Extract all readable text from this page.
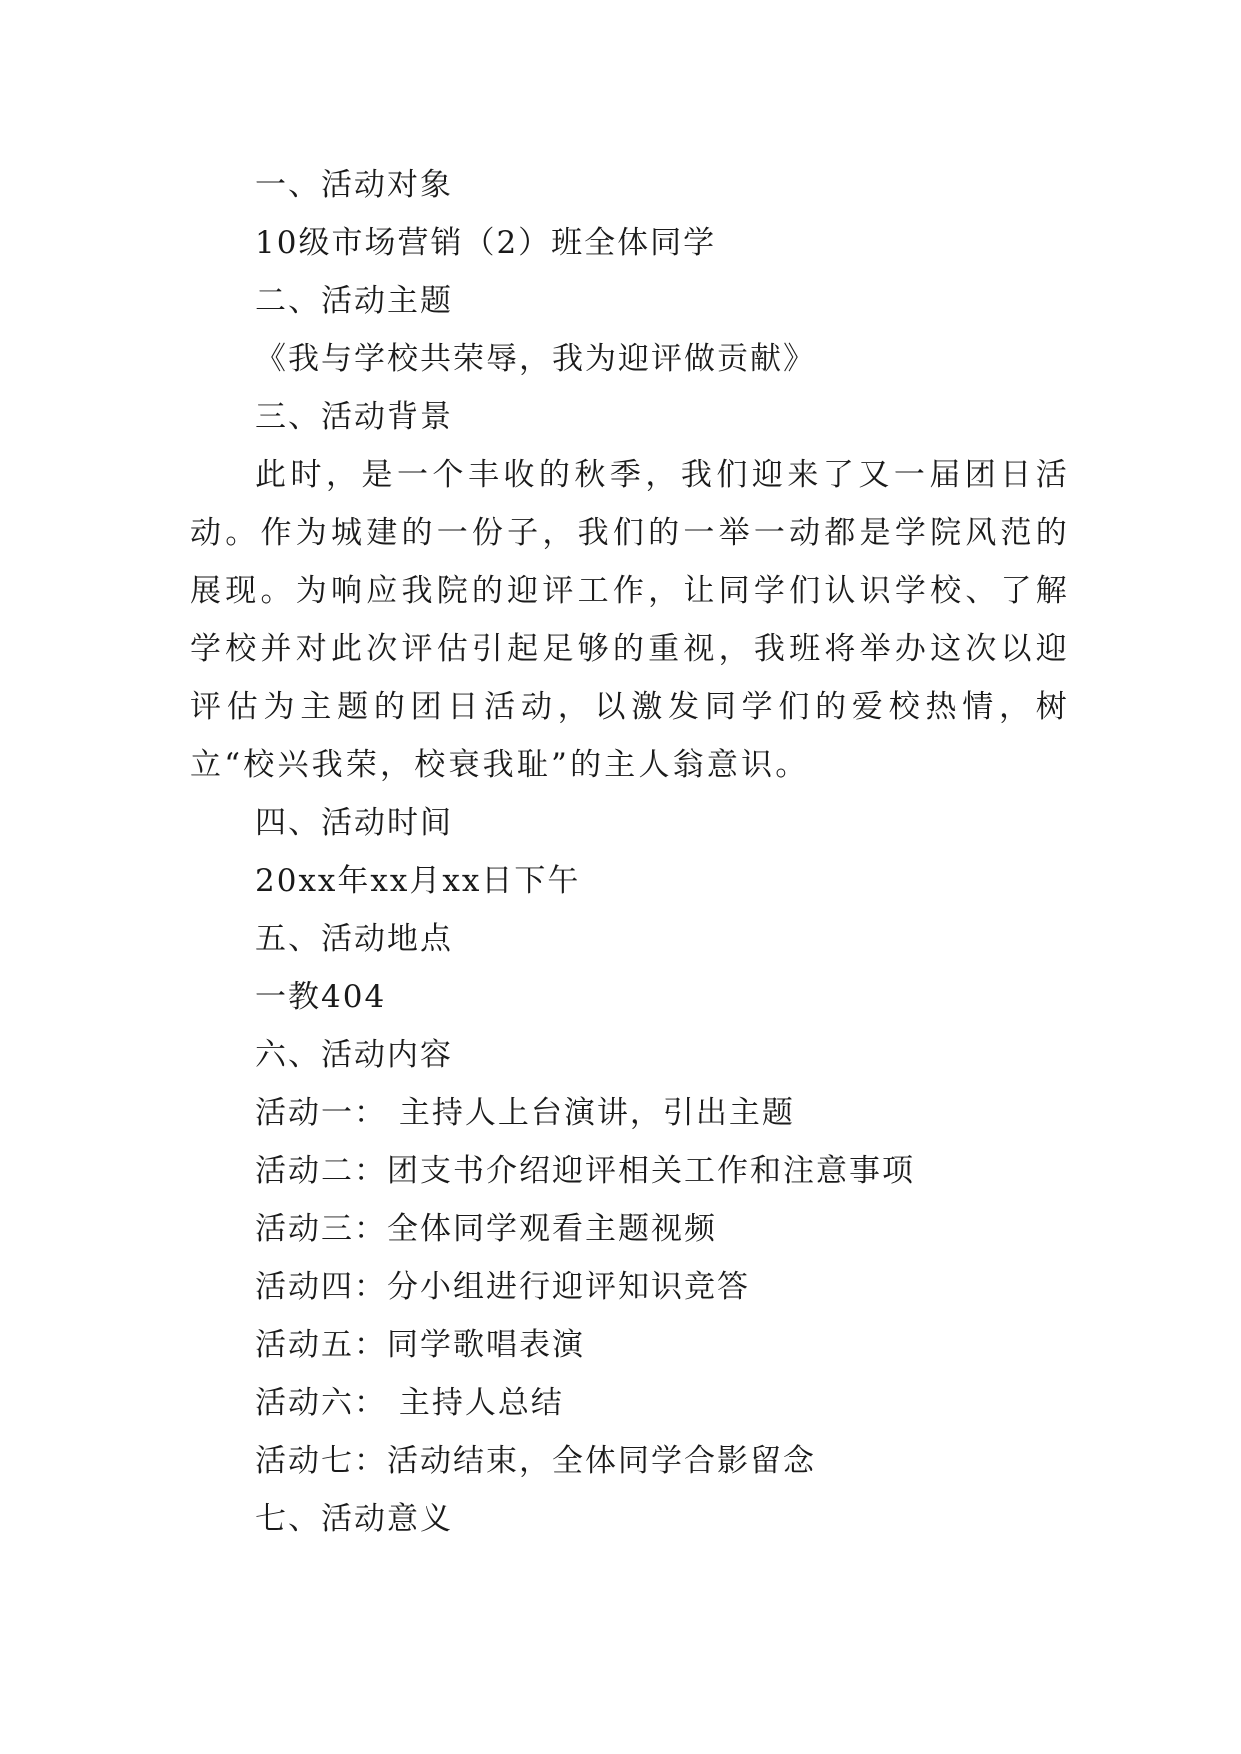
一、活动对象
10级市场营销（2）班全体同学
二、活动主题
《我与学校共荣辱，我为迎评做贡献》
三、活动背景

此时，是一个丰收的秋季，我们迎来了又一届团日活动。作为城建的一份子，我们的一举一动都是学院风范的展现。为响应我院的迎评工作，让同学们认识学校、了解学校并对此次评估引起足够的重视，我班将举办这次以迎评估为主题的团日活动，以激发同学们的爱校热情，树立“校兴我荣，校衰我耻”的主人翁意识。

四、活动时间
20xx年xx月xx日下午
五、活动地点
一教404
六、活动内容
活动一： 主持人上台演讲，引出主题
活动二：团支书介绍迎评相关工作和注意事项
活动三：全体同学观看主题视频
活动四：分小组进行迎评知识竞答
活动五：同学歌唱表演
活动六： 主持人总结
活动七：活动结束，全体同学合影留念
七、活动意义
